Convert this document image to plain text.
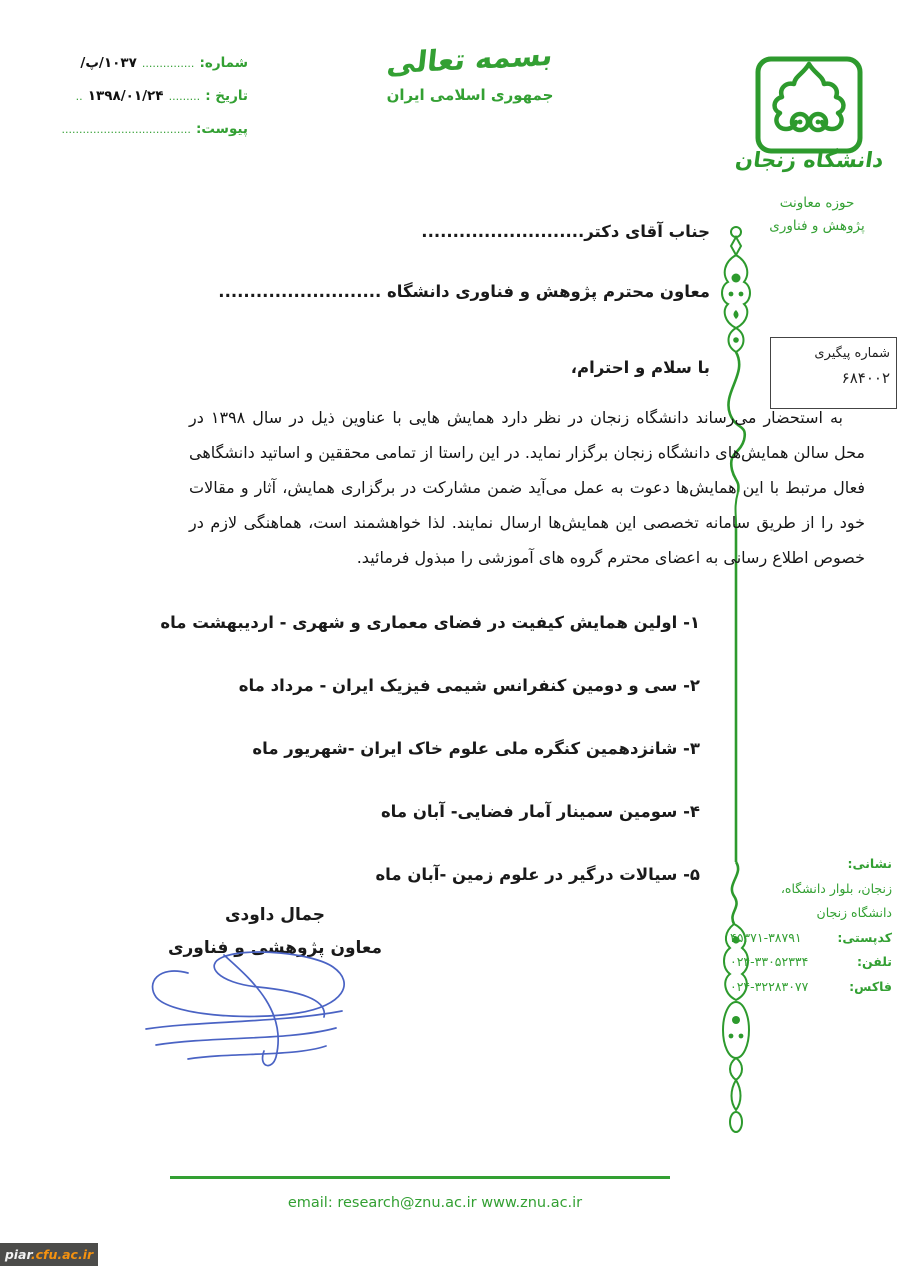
شماره: ............... ۱۰۳۷/پ/
تاریخ : ......... ۱۳۹۸/۰۱/۲۴ ..
پیوست: .....................................
بسمه تعالی
جمهوری اسلامی ایران
دانشگاه زنجان
حوزه معاونت
پژوهش و فناوری
شماره پیگیری
۶۸۴۰۰۲
جناب آقای دکتر..........................
معاون محترم پژوهش و فناوری دانشگاه ..........................
با سلام و احترام،
به استحضار می‌رساند دانشگاه زنجان در نظر دارد همایش هایی با عناوین ذیل در سال ۱۳۹۸ در محل سالن همایش‌های دانشگاه زنجان برگزار نماید. در این راستا از تمامی محققین و اساتید دانشگاهی فعال مرتبط با این همایش‌ها دعوت به عمل می‌آید ضمن مشارکت در برگزاری همایش، آثار و مقالات خود را از طریق سامانه تخصصی این همایش‌ها ارسال نمایند. لذا خواهشمند است، هماهنگی لازم در خصوص اطلاع رسانی به اعضای محترم گروه های آموزشی را مبذول فرمائید.
۱- اولین همایش کیفیت در فضای معماری و شهری - اردیبهشت ماه
۲- سی و دومین کنفرانس شیمی فیزیک ایران - مرداد ماه
۳- شانزدهمین کنگره ملی علوم خاک ایران -شهریور ماه
۴- سومین سمینار آمار فضایی- آبان ماه
۵- سیالات درگیر در علوم زمین -آبان ماه
جمال داودی
معاون پژوهشی و فناوری
نشانی:
زنجان، بلوار دانشگاه،
دانشگاه زنجان
کدپستی:
۴۵۳۷۱-۳۸۷۹۱
تلفن:
۰۲۴-۳۳۰۵۲۳۳۴
فاکس:
۰۲۴-۳۲۲۸۳۰۷۷
www.znu.ac.ir email: research@znu.ac.ir
piar.cfu.ac.ir
